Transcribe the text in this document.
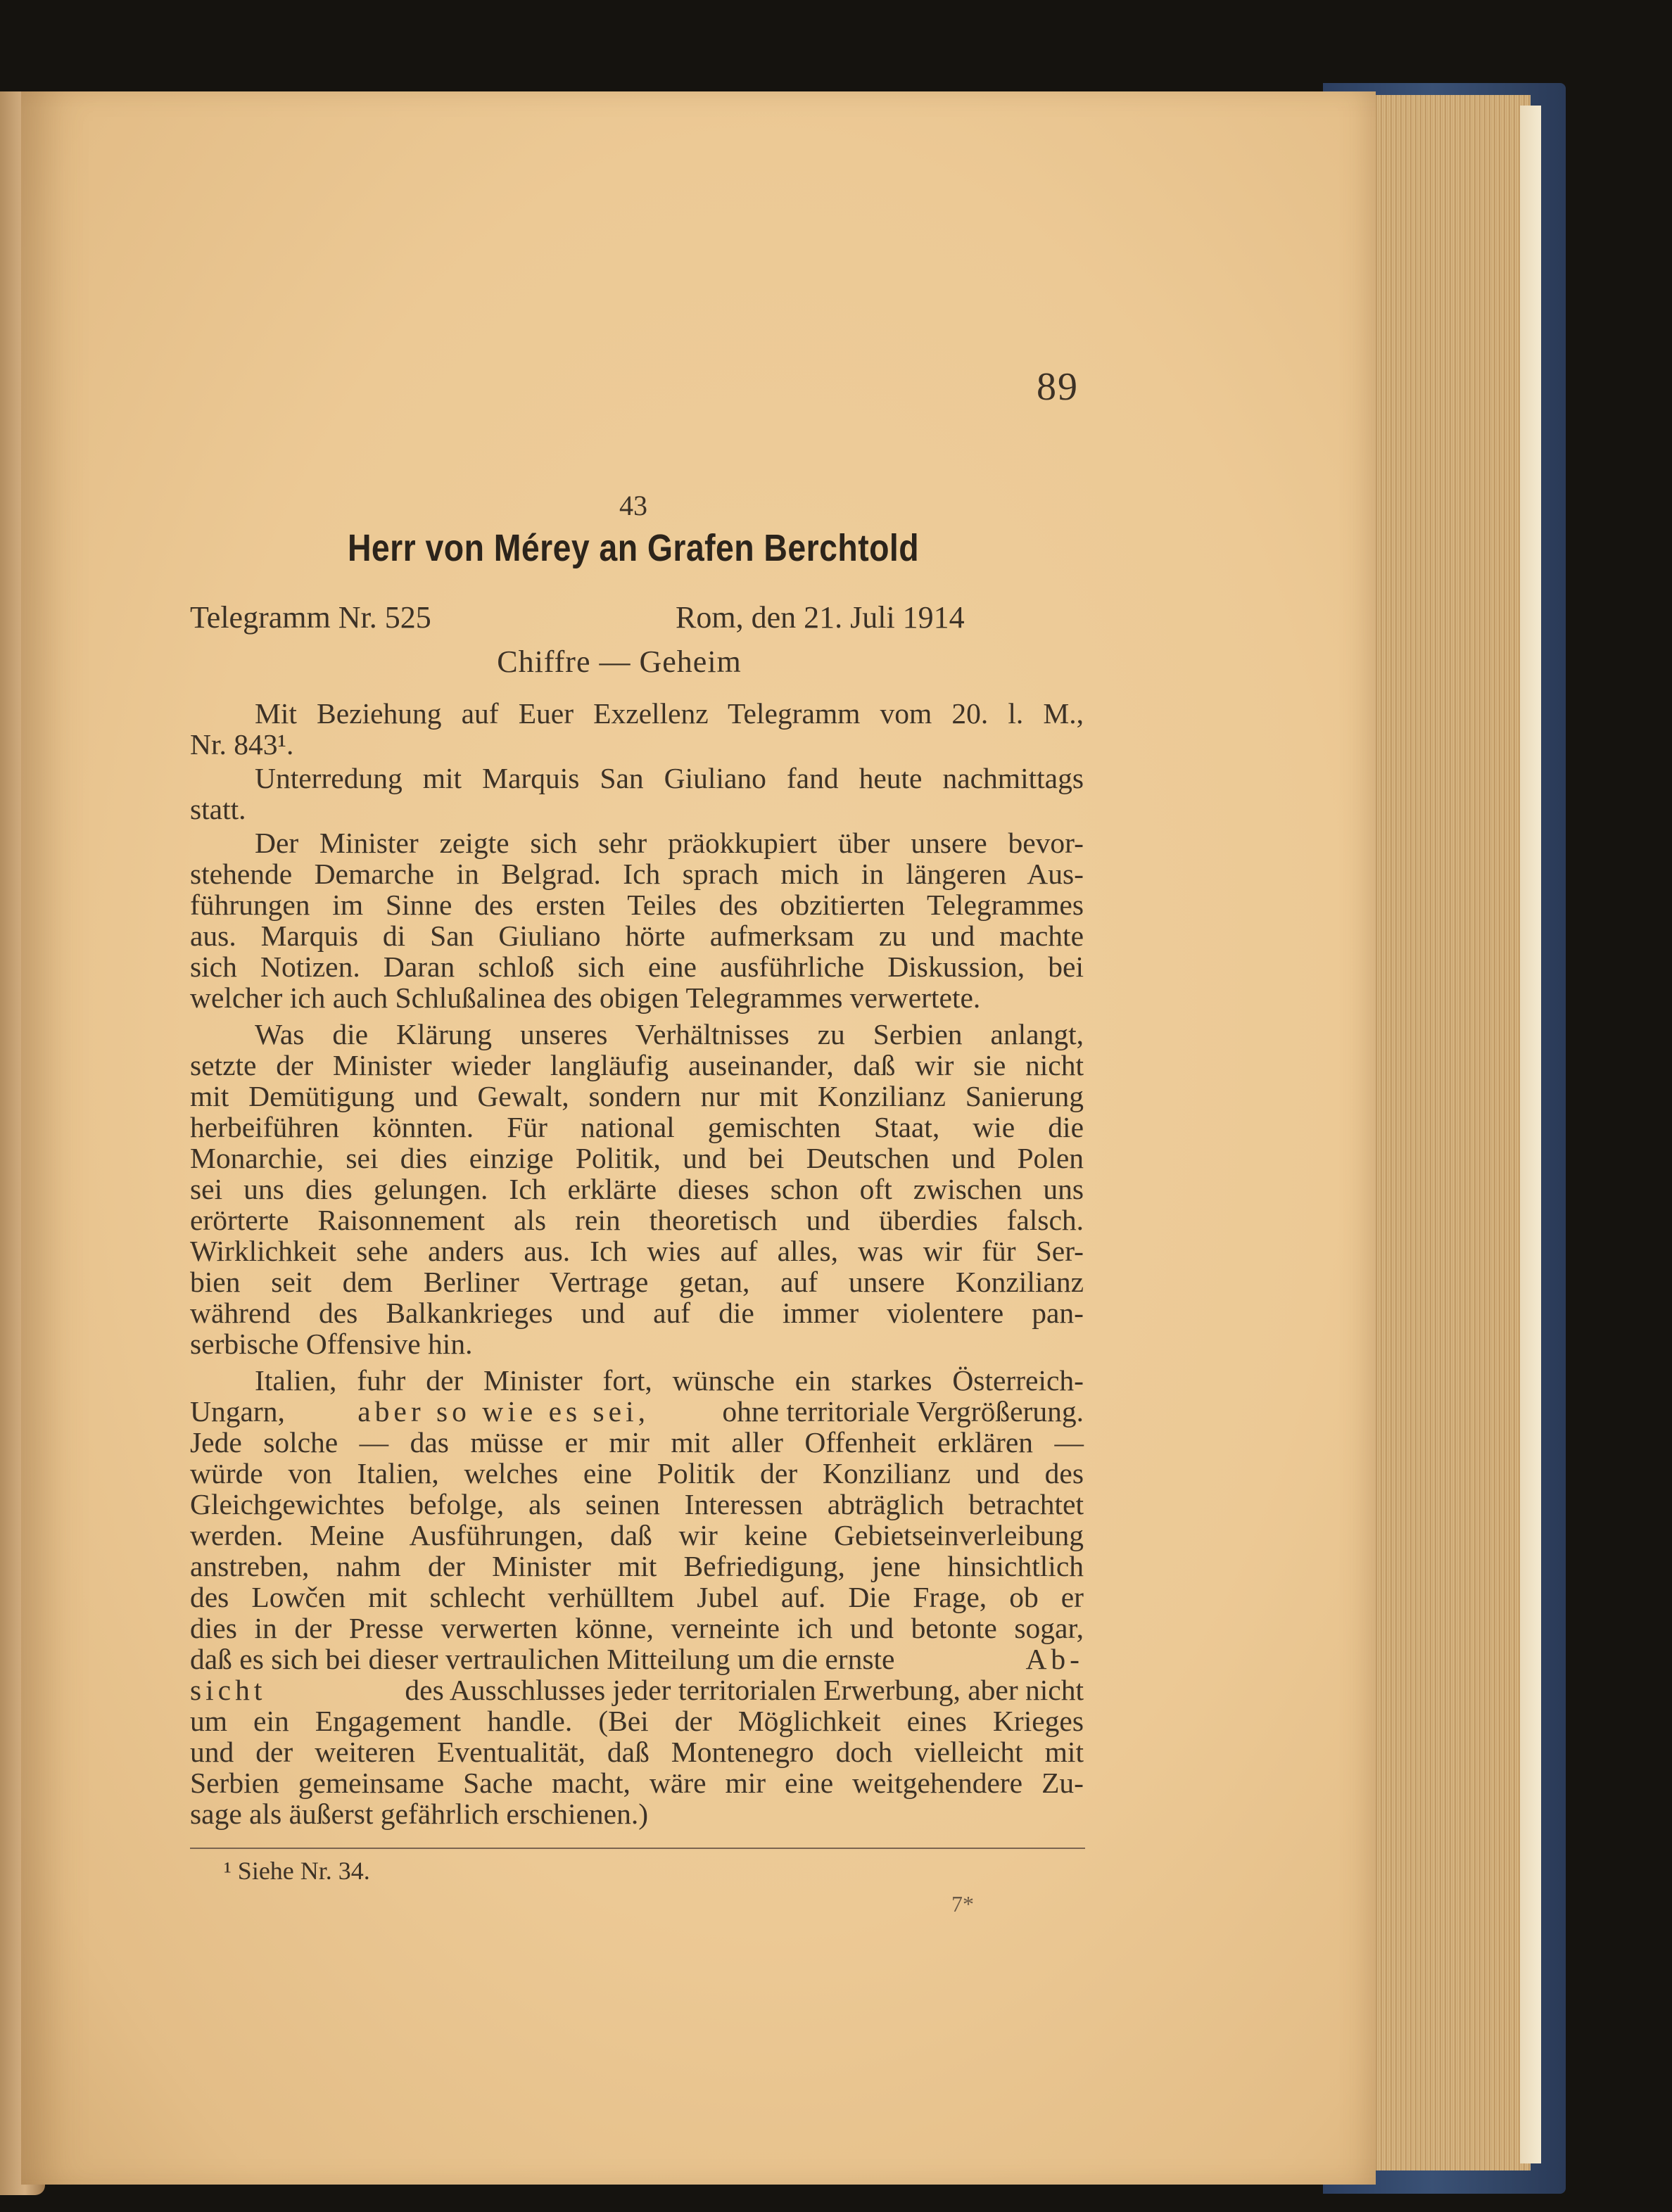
89
43
Herr von Mérey an Grafen Berchtold
Telegramm Nr. 525	Rom, den 21. Juli 1914
Chiffre — Geheim
Mit Beziehung auf Euer Exzellenz Telegramm vom 20. l. M.,
Nr. 843¹.
Unterredung mit Marquis San Giuliano fand heute nachmittags
statt.
Der Minister zeigte sich sehr präokkupiert über unsere bevor-
stehende Demarche in Belgrad. Ich sprach mich in längeren Aus-
führungen im Sinne des ersten Teiles des obzitierten Telegrammes
aus. Marquis di San Giuliano hörte aufmerksam zu und machte
sich Notizen. Daran schloß sich eine ausführliche Diskussion, bei
welcher ich auch Schlußalinea des obigen Telegrammes verwertete.
Was die Klärung unseres Verhältnisses zu Serbien anlangt,
setzte der Minister wieder langläufig auseinander, daß wir sie nicht
mit Demütigung und Gewalt, sondern nur mit Konzilianz Sanierung
herbeiführen könnten. Für national gemischten Staat, wie die
Monarchie, sei dies einzige Politik, und bei Deutschen und Polen
sei uns dies gelungen. Ich erklärte dieses schon oft zwischen uns
erörterte Raisonnement als rein theoretisch und überdies falsch.
Wirklichkeit sehe anders aus. Ich wies auf alles, was wir für Ser-
bien seit dem Berliner Vertrage getan, auf unsere Konzilianz
während des Balkankrieges und auf die immer violentere pan-
serbische Offensive hin.
Italien, fuhr der Minister fort, wünsche ein starkes Österreich-
Ungarn, aber so wie es sei, ohne territoriale Vergrößerung.
Jede solche — das müsse er mir mit aller Offenheit erklären —
würde von Italien, welches eine Politik der Konzilianz und des
Gleichgewichtes befolge, als seinen Interessen abträglich betrachtet
werden. Meine Ausführungen, daß wir keine Gebietseinverleibung
anstreben, nahm der Minister mit Befriedigung, jene hinsichtlich
des Lowčen mit schlecht verhülltem Jubel auf. Die Frage, ob er
dies in der Presse verwerten könne, verneinte ich und betonte sogar,
daß es sich bei dieser vertraulichen Mitteilung um die ernste	Ab-
sicht	des Ausschlusses jeder territorialen Erwerbung, aber nicht
um ein Engagement handle. (Bei der Möglichkeit eines Krieges
und der weiteren Eventualität, daß Montenegro doch vielleicht mit
Serbien gemeinsame Sache macht, wäre mir eine weitgehendere Zu-
sage als äußerst gefährlich erschienen.)
¹ Siehe Nr. 34.
7*
